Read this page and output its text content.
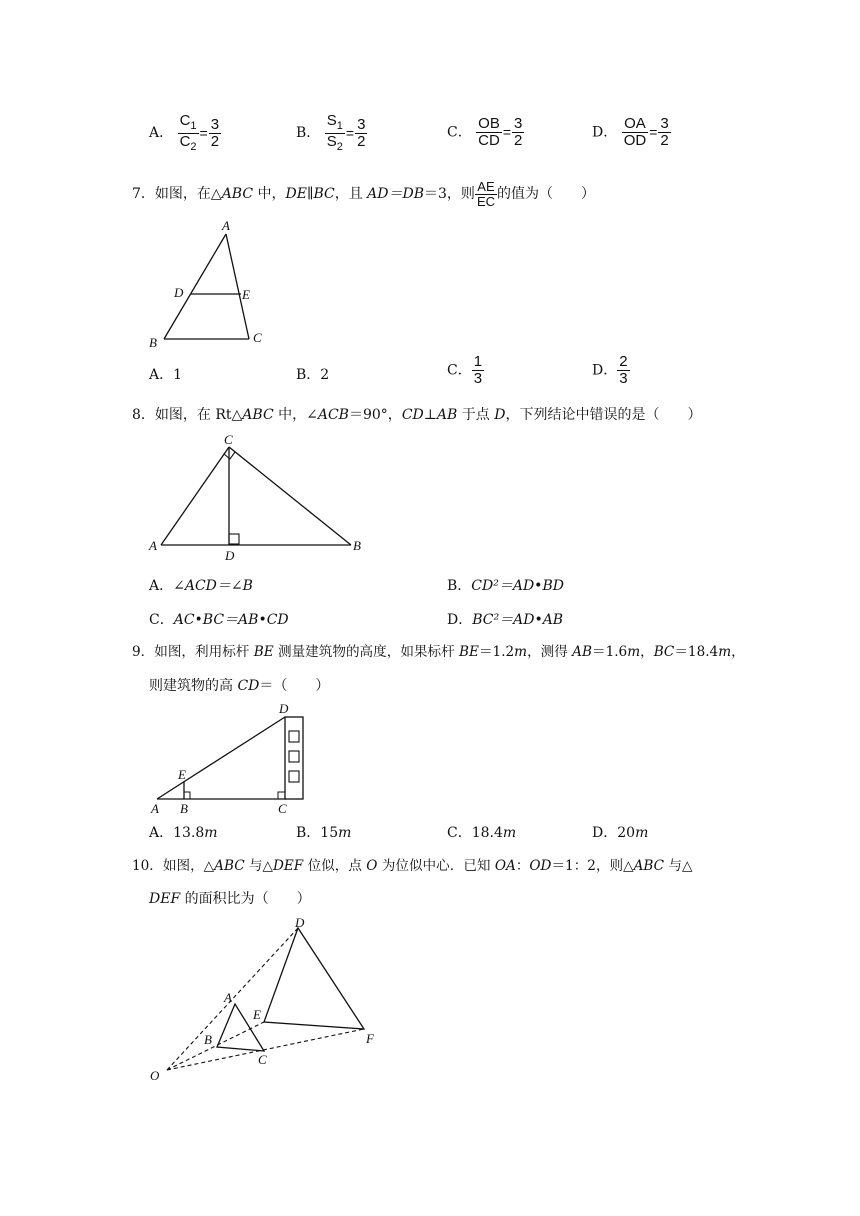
A． $\frac{C_1}{C_2} = \frac{3}{2}$	B． $\frac{S_1}{S_2} = \frac{3}{2}$	C． $\frac{OB}{CD} = \frac{3}{2}$	D． $\frac{OA}{OD} = \frac{3}{2}$
7．如图，在△ABC 中，DE∥BC，且 AD＝DB＝3，则 $\frac{AE}{EC}$ 的值为（　　）
A
D	E
B	C
A．1	B．2	C． $\frac{1}{3}$	D． $\frac{2}{3}$
8．如图，在 Rt△ABC 中，∠ACB＝90°，CD⊥AB 于点 D，下列结论中错误的是（　　）
C
A
D
B
A．∠ACD＝∠B	B．CD²＝AD•BD
C．AC•BC＝AB•CD	D．BC²＝AD•AB
9．如图，利用标杆 BE 测量建筑物的高度，如果标杆 BE＝1.2m，测得 AB＝1.6m，BC＝18.4m，
则建筑物的高 CD＝（　　）
D
E
A B	C
A．13.8m	B．15m	C．18.4m	D．20m
10．如图，△ABC 与△DEF 位似，点 O 为位似中心．已知 OA：OD＝1：2，则△ABC 与△
DEF 的面积比为（　　）
D
A
E
B	F
C
O
